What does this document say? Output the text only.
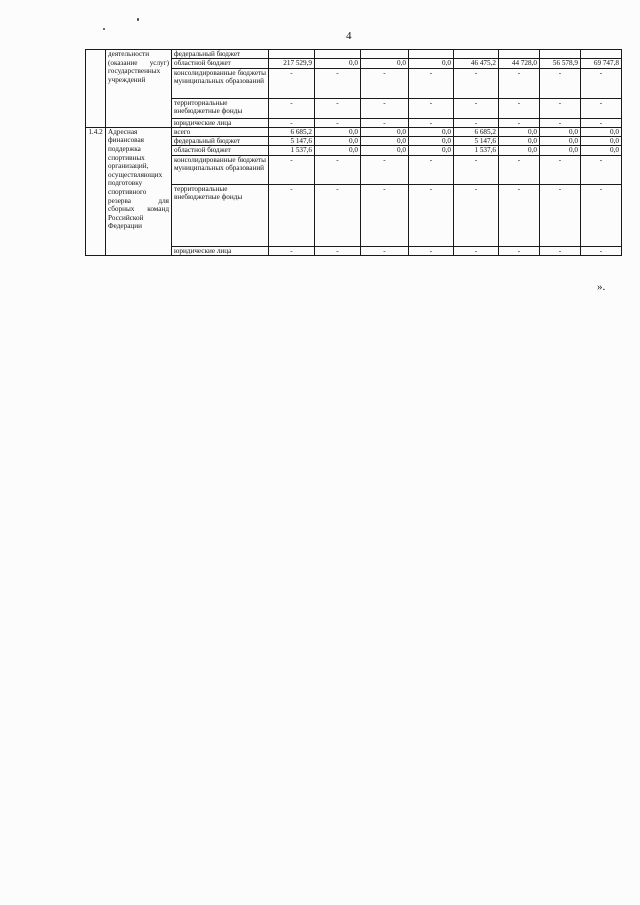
4
	деятельности (оказание услуг) государственных учреждений	федеральный бюджет								
		областной бюджет	217 529,9	0,0	0,0	0,0	46 475,2	44 728,0	56 578,9	69 747,8
		консолидированные бюджеты муниципальных образований	-	-	-	-	-	-	-	-
		территориальные внебюджетные фонды	-	-	-	-	-	-	-	-
		юридические лица	-	-	-	-	-	-	-	-
1.4.2	Адресная финансовая поддержка спортивных организаций, осуществляющих подготовку спортивного резерва для сборных команд Российской Федерации	всего	6 685,2	0,0	0,0	0,0	6 685,2	0,0	0,0	0,0
		федеральный бюджет	5 147,6	0,0	0,0	0,0	5 147,6	0,0	0,0	0,0
		областной бюджет	1 537,6	0,0	0,0	0,0	1 537,6	0,0	0,0	0,0
		консолидированные бюджеты муниципальных образований	-	-	-	-	-	-	-	-
		территориальные внебюджетные фонды	-	-	-	-	-	-	-	-
		юридические лица	-	-	-	-	-	-	-	-
».
